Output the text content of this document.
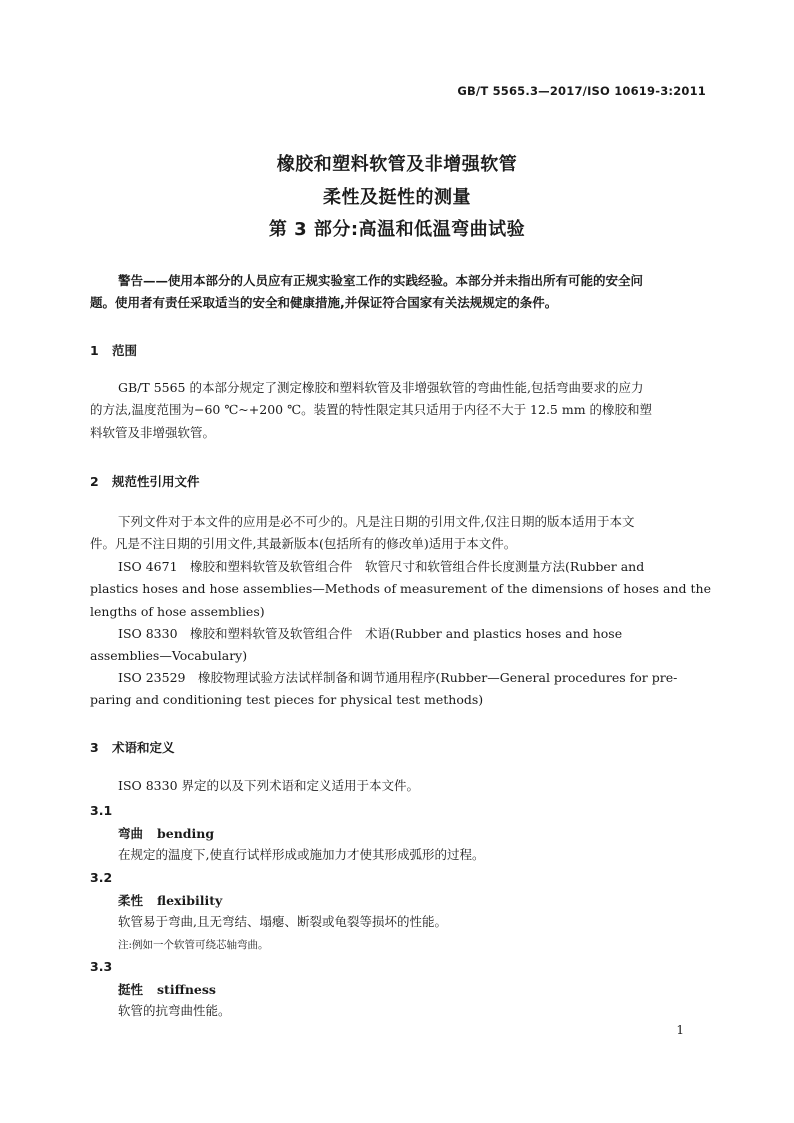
GB/T 5565.3—2017/ISO 10619-3:2011
橡胶和塑料软管及非增强软管
柔性及挺性的测量
第 3 部分:高温和低温弯曲试验
警告——使用本部分的人员应有正规实验室工作的实践经验。本部分并未指出所有可能的安全问
题。使用者有责任采取适当的安全和健康措施,并保证符合国家有关法规规定的条件。
1 范围
GB/T 5565 的本部分规定了测定橡胶和塑料软管及非增强软管的弯曲性能,包括弯曲要求的应力
的方法,温度范围为−60 ℃~+200 ℃。装置的特性限定其只适用于内径不大于 12.5 mm 的橡胶和塑
料软管及非增强软管。
2 规范性引用文件
下列文件对于本文件的应用是必不可少的。凡是注日期的引用文件,仅注日期的版本适用于本文
件。凡是不注日期的引用文件,其最新版本(包括所有的修改单)适用于本文件。
ISO 4671　橡胶和塑料软管及软管组合件　软管尺寸和软管组合件长度测量方法(Rubber and
plastics hoses and hose assemblies—Methods of measurement of the dimensions of hoses and the
lengths of hose assemblies)
ISO 8330　橡胶和塑料软管及软管组合件　术语(Rubber and plastics hoses and hose
assemblies—Vocabulary)
ISO 23529　橡胶物理试验方法试样制备和调节通用程序(Rubber—General procedures for pre-
paring and conditioning test pieces for physical test methods)
3 术语和定义
ISO 8330 界定的以及下列术语和定义适用于本文件。
3.1
弯曲 bending
在规定的温度下,使直行试样形成或施加力才使其形成弧形的过程。
3.2
柔性 flexibility
软管易于弯曲,且无弯结、塌瘪、断裂或龟裂等损坏的性能。
注:例如一个软管可绕芯轴弯曲。
3.3
挺性 stiffness
软管的抗弯曲性能。
1
